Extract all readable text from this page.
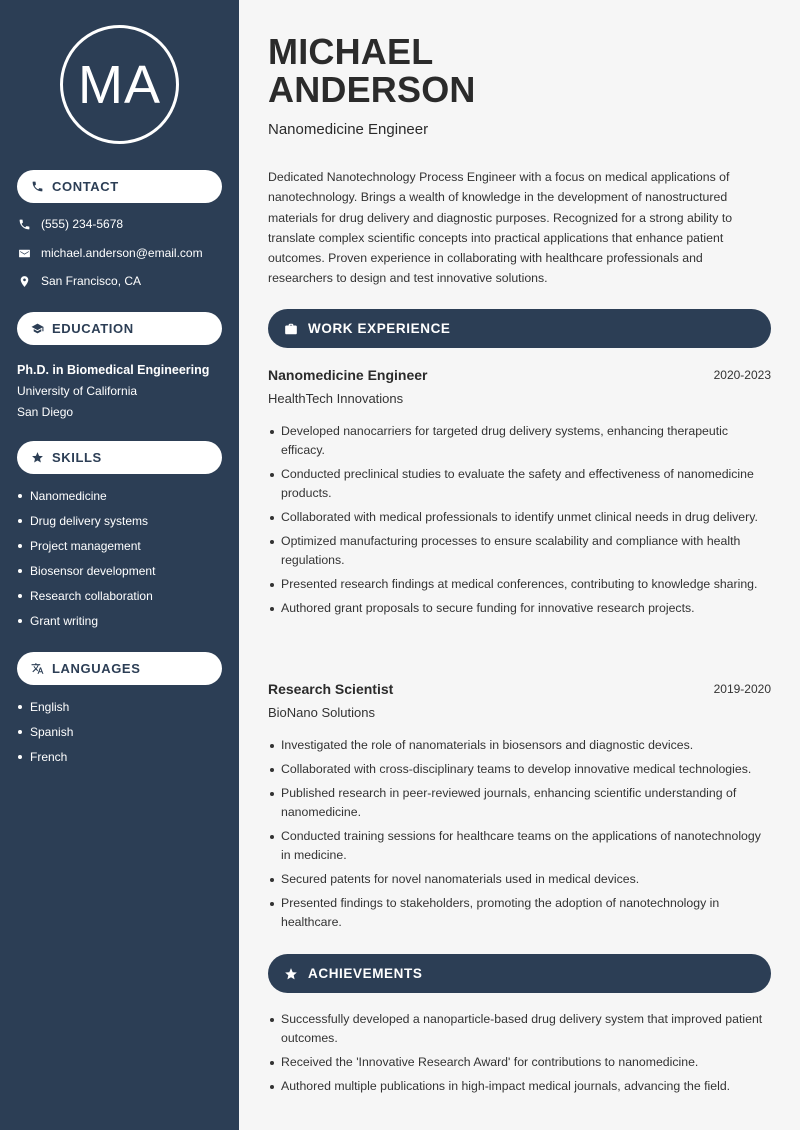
MA
CONTACT
(555) 234-5678
michael.anderson@email.com
San Francisco, CA
EDUCATION
Ph.D. in Biomedical Engineering
University of California
San Diego
SKILLS
Nanomedicine
Drug delivery systems
Project management
Biosensor development
Research collaboration
Grant writing
LANGUAGES
English
Spanish
French
MICHAEL
ANDERSON
Nanomedicine Engineer

Dedicated Nanotechnology Process Engineer with a focus on medical applications of nanotechnology. Brings a wealth of knowledge in the development of nanostructured materials for drug delivery and diagnostic purposes. Recognized for a strong ability to translate complex scientific concepts into practical applications that enhance patient outcomes. Proven experience in collaborating with healthcare professionals and researchers to design and test innovative solutions.

WORK EXPERIENCE
Nanomedicine Engineer	2020-2023
HealthTech Innovations
Developed nanocarriers for targeted drug delivery systems, enhancing therapeutic efficacy.
Conducted preclinical studies to evaluate the safety and effectiveness of nanomedicine products.
Collaborated with medical professionals to identify unmet clinical needs in drug delivery.
Optimized manufacturing processes to ensure scalability and compliance with health regulations.
Presented research findings at medical conferences, contributing to knowledge sharing.
Authored grant proposals to secure funding for innovative research projects.
Research Scientist	2019-2020
BioNano Solutions
Investigated the role of nanomaterials in biosensors and diagnostic devices.
Collaborated with cross-disciplinary teams to develop innovative medical technologies.
Published research in peer-reviewed journals, enhancing scientific understanding of nanomedicine.
Conducted training sessions for healthcare teams on the applications of nanotechnology in medicine.
Secured patents for novel nanomaterials used in medical devices.
Presented findings to stakeholders, promoting the adoption of nanotechnology in healthcare.
ACHIEVEMENTS
Successfully developed a nanoparticle-based drug delivery system that improved patient outcomes.
Received the 'Innovative Research Award' for contributions to nanomedicine.
Authored multiple publications in high-impact medical journals, advancing the field.
